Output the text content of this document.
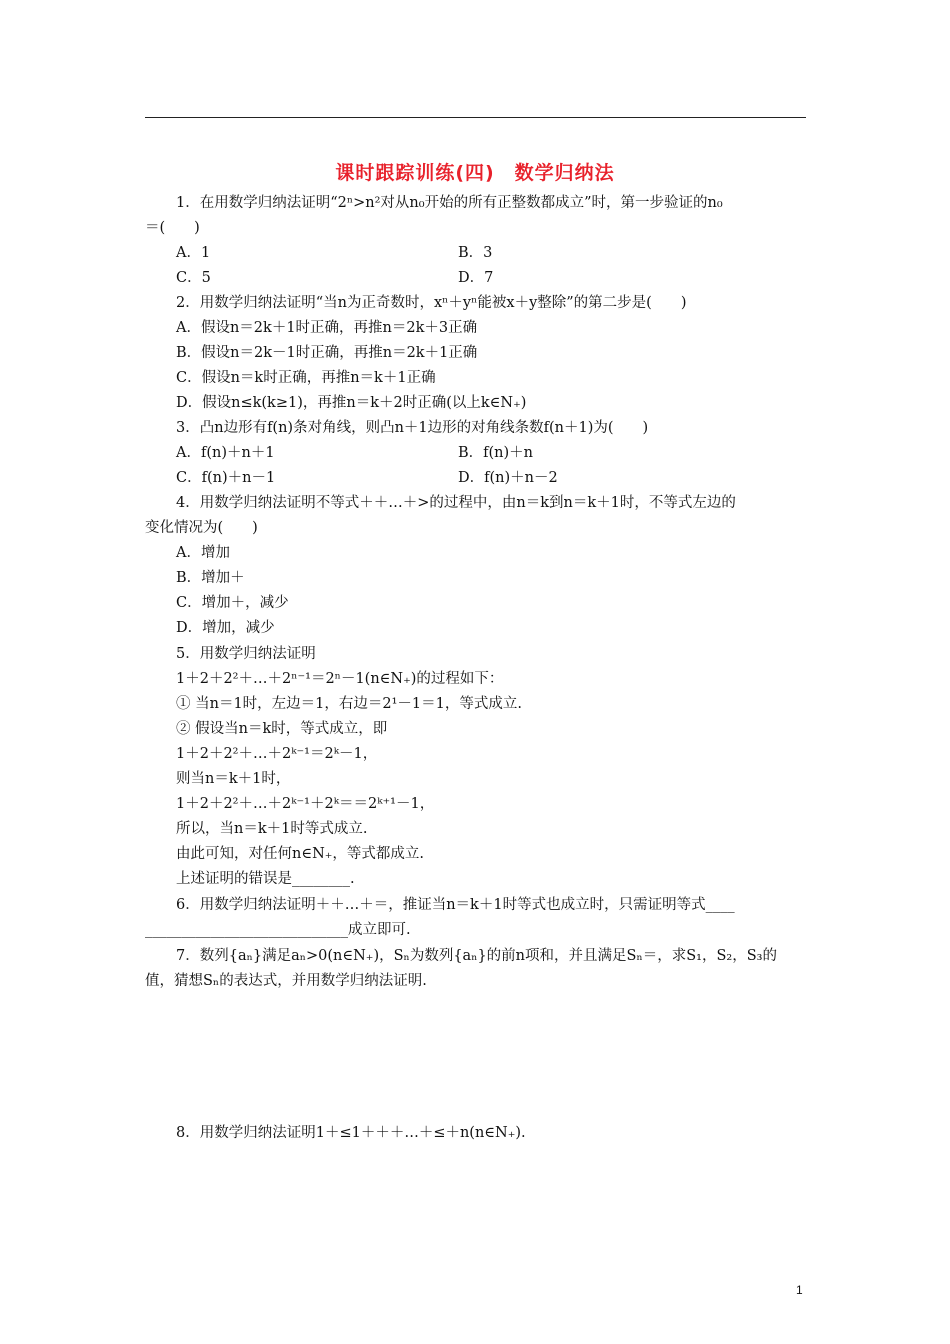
课时跟踪训练(四)　数学归纳法
1．在用数学归纳法证明“2ⁿ>n²对从n₀开始的所有正整数都成立”时，第一步验证的n₀
＝(　　)
A．1	B．3
C．5	D．7
2．用数学归纳法证明“当n为正奇数时，xⁿ＋yⁿ能被x＋y整除”的第二步是(　　)
A．假设n＝2k＋1时正确，再推n＝2k＋3正确
B．假设n＝2k－1时正确，再推n＝2k＋1正确
C．假设n＝k时正确，再推n＝k＋1正确
D．假设n≤k(k≥1)，再推n＝k＋2时正确(以上k∈N₊)
3．凸n边形有f(n)条对角线，则凸n＋1边形的对角线条数f(n＋1)为(　　)
A．f(n)＋n＋1	B．f(n)＋n
C．f(n)＋n－1	D．f(n)＋n－2
4．用数学归纳法证明不等式＋＋…＋>的过程中，由n＝k到n＝k＋1时，不等式左边的
变化情况为(　　)
A．增加
B．增加＋
C．增加＋，减少
D．增加，减少
5．用数学归纳法证明
1＋2＋2²＋…＋2ⁿ⁻¹＝2ⁿ－1(n∈N₊)的过程如下：
① 当n＝1时，左边＝1，右边＝2¹－1＝1，等式成立.
② 假设当n＝k时，等式成立，即
1＋2＋2²＋…＋2ᵏ⁻¹＝2ᵏ－1，
则当n＝k＋1时，
1＋2＋2²＋…＋2ᵏ⁻¹＋2ᵏ＝＝2ᵏ⁺¹－1，
所以，当n＝k＋1时等式成立.
由此可知，对任何n∈N₊，等式都成立.
上述证明的错误是________.
6．用数学归纳法证明＋＋…＋＝，推证当n＝k＋1时等式也成立时，只需证明等式____
____________________________成立即可.
7．数列{aₙ}满足aₙ>0(n∈N₊)，Sₙ为数列{aₙ}的前n项和，并且满足Sₙ＝，求S₁，S₂，S₃的
值，猜想Sₙ的表达式，并用数学归纳法证明.
8．用数学归纳法证明1＋≤1＋＋＋…＋≤＋n(n∈N₊).
1
